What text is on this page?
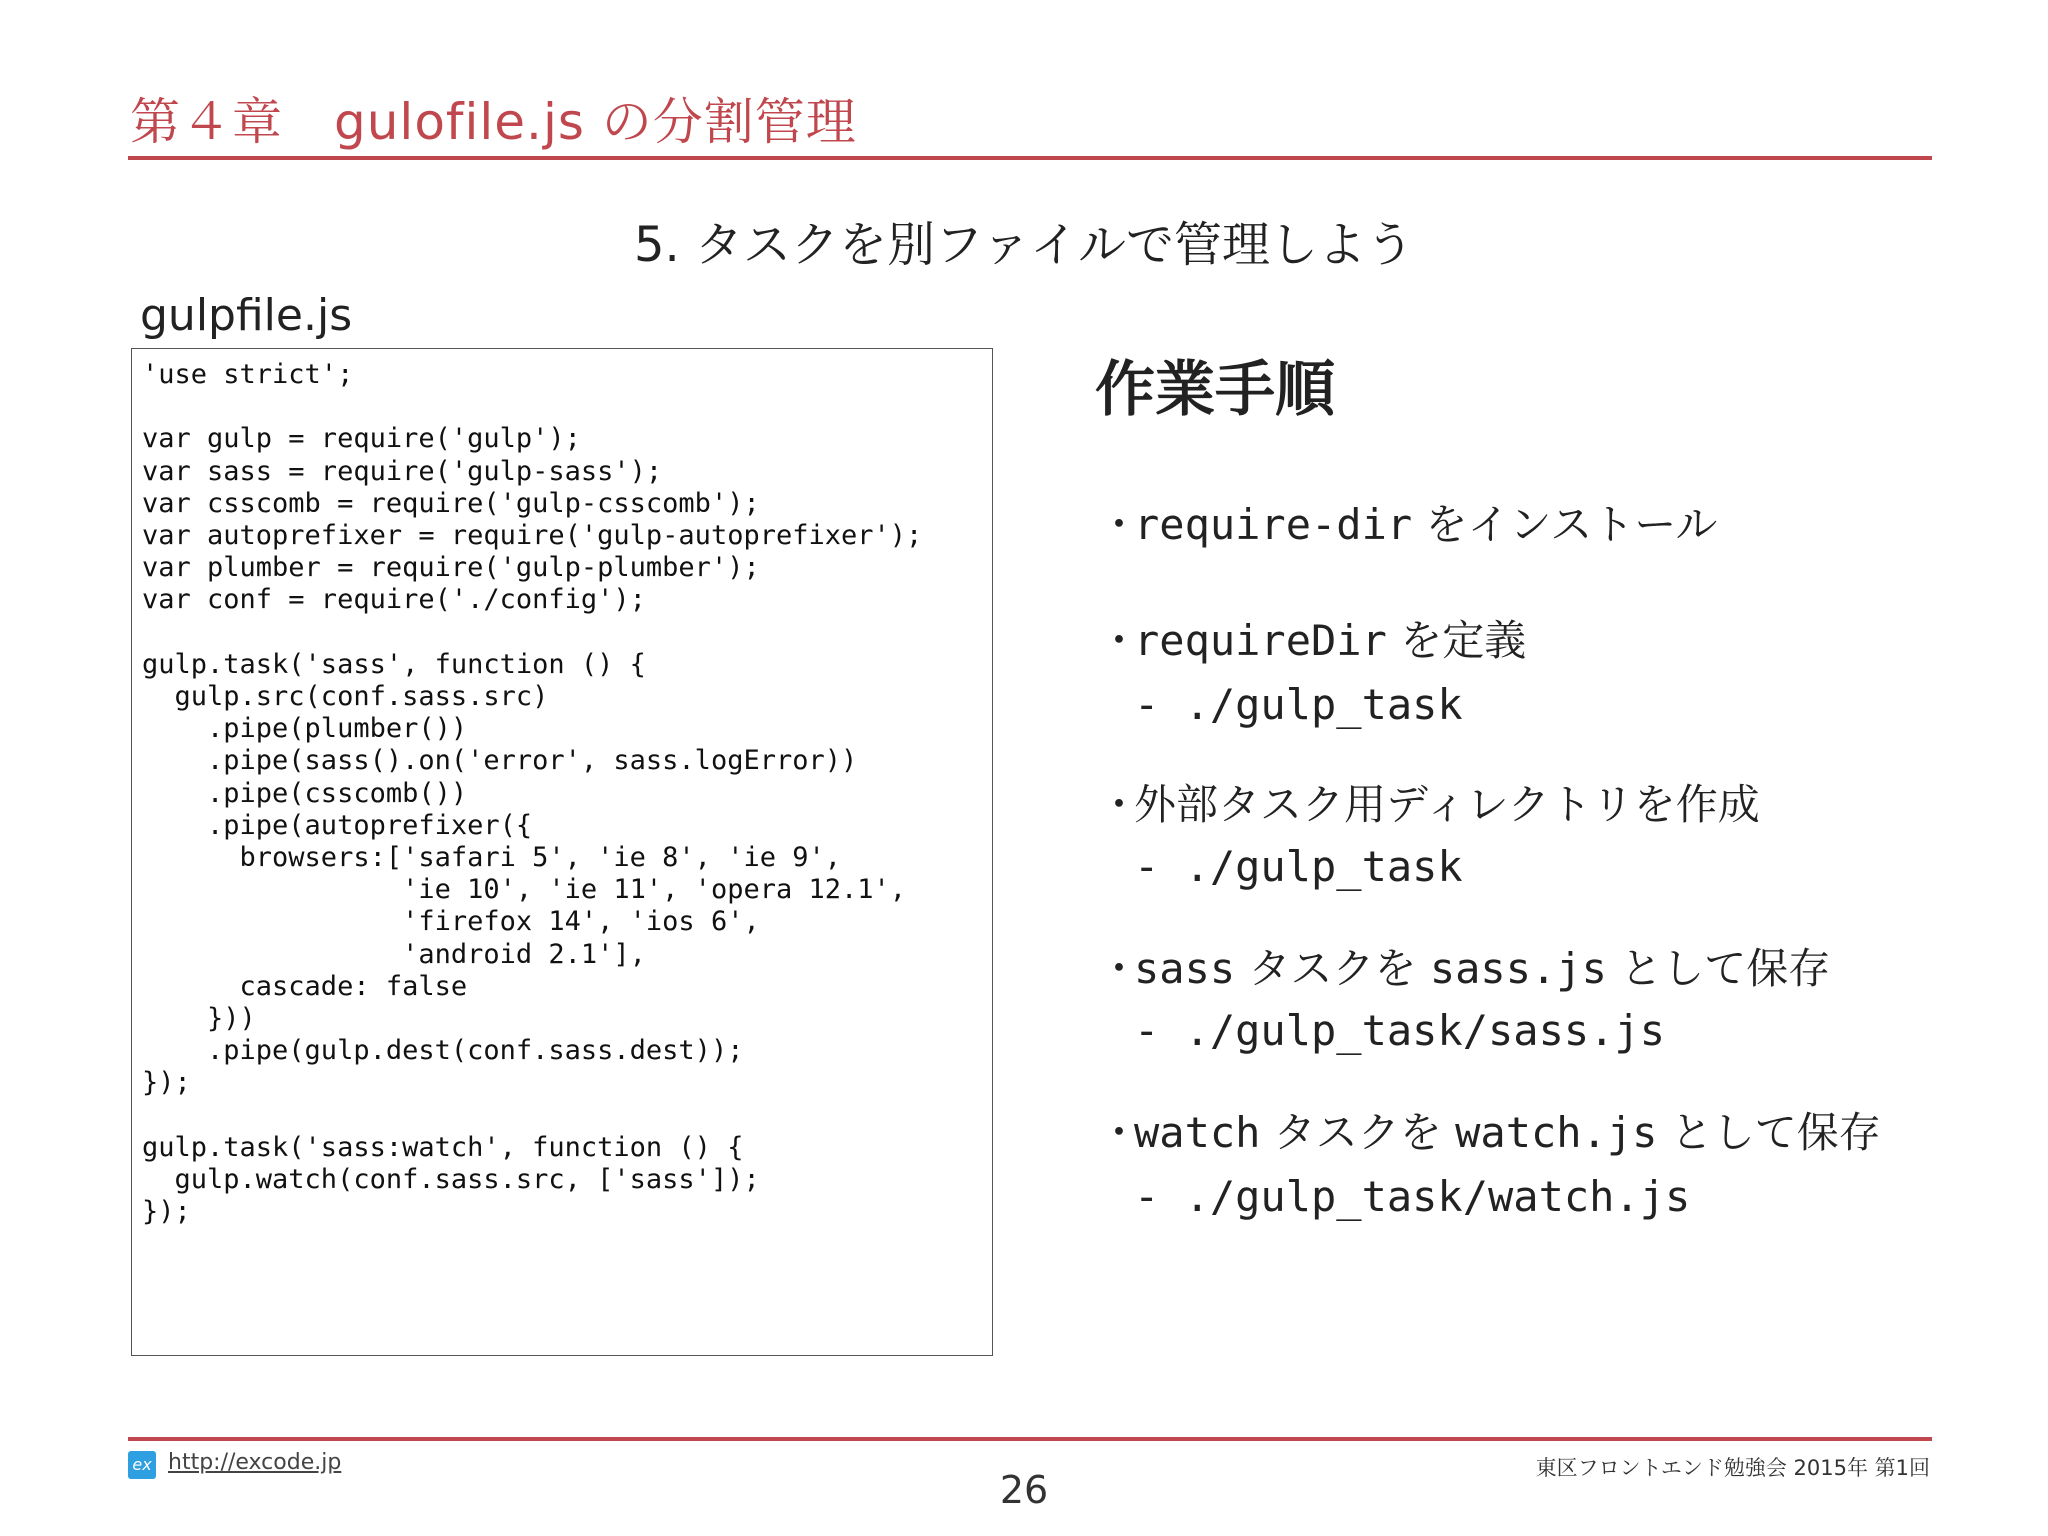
第４章　gulofile.js の分割管理
5. タスクを別ファイルで管理しよう
gulpfile.js
'use strict';

var gulp = require('gulp');
var sass = require('gulp-sass');
var csscomb = require('gulp-csscomb');
var autoprefixer = require('gulp-autoprefixer');
var plumber = require('gulp-plumber');
var conf = require('./config');

gulp.task('sass', function () {
gulp.src(conf.sass.src)
.pipe(plumber())
.pipe(sass().on('error', sass.logError))
.pipe(csscomb())
.pipe(autoprefixer({
browsers:['safari 5', 'ie 8', 'ie 9',
'ie 10', 'ie 11', 'opera 12.1',
'firefox 14', 'ios 6',
'android 2.1'],
cascade: false
}))
.pipe(gulp.dest(conf.sass.dest));
});

gulp.task('sass:watch', function () {
gulp.watch(conf.sass.src, ['sass']);
});
作業手順
・require-dir をインストール
・requireDir を定義
- ./gulp_task
・外部タスク用ディレクトリを作成
- ./gulp_task
・sass タスクを sass.js として保存
- ./gulp_task/sass.js
・watch タスクを watch.js として保存
- ./gulp_task/watch.js
ex http://excode.jp
26	東区フロントエンド勉強会 2015年 第1回
